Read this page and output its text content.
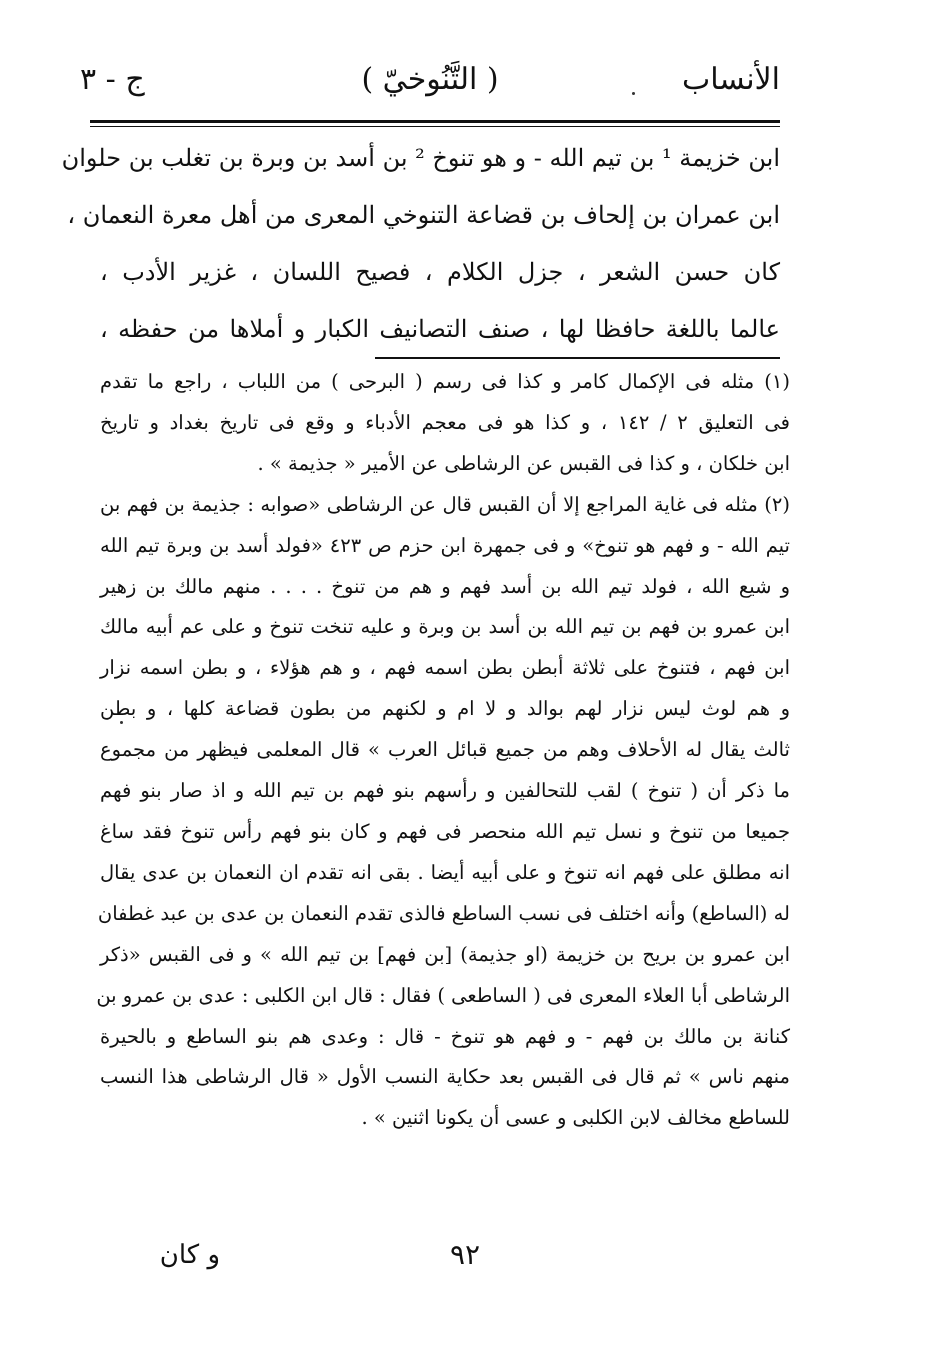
الأنساب
( التَّنُوخيّ )
ج - ٣
ابن خزيمة ¹ بن تيم الله - و هو تنوخ ² بن أسد بن وبرة بن تغلب بن حلوان
ابن عمران بن إلحاف بن قضاعة التنوخي المعرى من أهل معرة النعمان ،
كان حسن الشعر ، جزل الكلام ، فصيح اللسان ، غزير الأدب ،
عالما باللغة حافظا لها ، صنف التصانيف الكبار و أملاها من حفظه ،
(١) مثله فى الإكمال كامر و كذا فى رسم ( البرحى ) من اللباب ، راجع ما تقدم
فى التعليق ٢ / ١٤٢ ، و كذا هو فى معجم الأدباء و وقع فى تاريخ بغداد و تاريخ
ابن خلكان ، و كذا فى القبس عن الرشاطى عن الأمير « جذيمة » .
(٢) مثله فى غاية المراجع إلا أن القبس قال عن الرشاطى «صوابه : جذيمة بن فهم بن
تيم الله - و فهم هو تنوخ» و فى جمهرة ابن حزم ص ٤٢٣ «فولد أسد بن وبرة تيم الله
و شيع الله ، فولد تيم الله بن أسد فهم و هم من تنوخ . . . . منهم مالك بن زهير
ابن عمرو بن فهم بن تيم الله بن أسد بن وبرة و عليه تنخت تنوخ و على عم أبيه مالك
ابن فهم ، فتنوخ على ثلاثة أبطن بطن اسمه فهم ، و هم هؤلاء ، و بطن اسمه نزار
و هم لوث ليس نزار لهم بوالد و لا ام و لكنهم من بطون قضاعة كلها ، و بطن
ثالث يقال له الأحلاف وهم من جميع قبائل العرب » قال المعلمى فيظهر من مجموع
ما ذكر أن ( تنوخ ) لقب للتحالفين و رأسهم بنو فهم بن تيم الله و اذ صار بنو فهم
جميعا من تنوخ و نسل تيم الله منحصر فى فهم و كان بنو فهم رأس تنوخ فقد ساغ
انه مطلق على فهم انه تنوخ و على أبيه أيضا . بقى انه تقدم ان النعمان بن عدى يقال
له (الساطع) وأنه اختلف فى نسب الساطع فالذى تقدم النعمان بن عدى بن عبد غطفان
ابن عمرو بن بريح بن خزيمة (او جذيمة) [بن فهم] بن تيم الله » و فى القبس «ذكر
الرشاطى أبا العلاء المعرى فى ( الساطعى ) فقال : قال ابن الكلبى : عدى بن عمرو بن
كنانة بن مالك بن فهم - و فهم هو تنوخ - قال : وعدى هم بنو الساطع و بالحيرة
منهم ناس » ثم قال فى القبس بعد حكاية النسب الأول « قال الرشاطى هذا النسب
للساطع مخالف لابن الكلبى و عسى أن يكونا اثنين » .
٩٢
و كان
